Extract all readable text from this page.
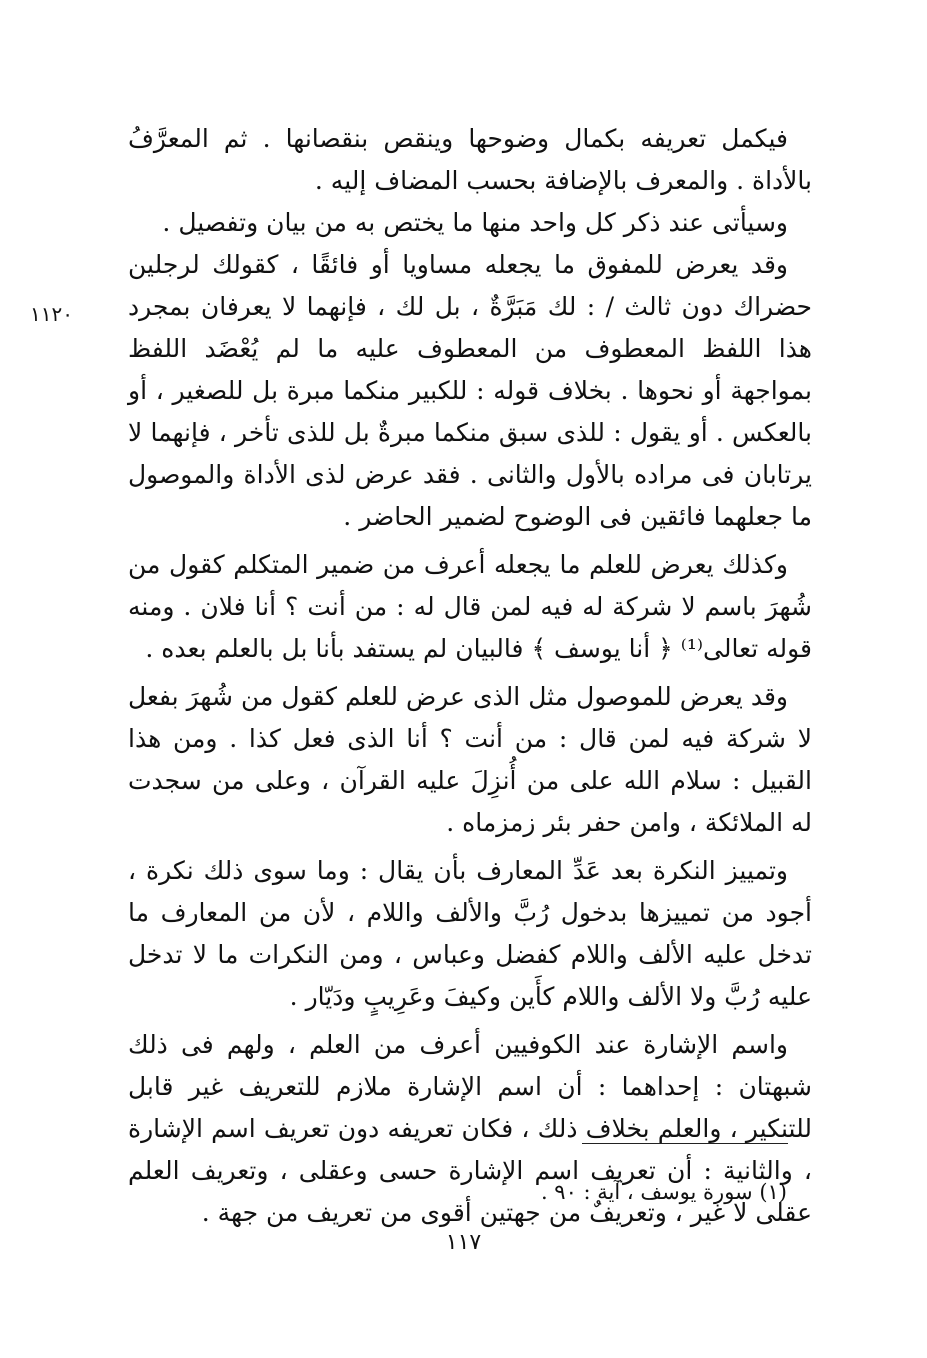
١١٢٠

فيكمل تعريفه بكمال وضوحها وينقص بنقصانها . ثم المعرَّفُ بالأداة . والمعرف بالإضافة بحسب المضاف إليه .

وسيأتى عند ذكر كل واحد منها ما يختص به من بيان وتفصيل .

وقد يعرض للمفوق ما يجعله مساويا أو فائقًا ، كقولك لرجلين حضراك دون ثالث / : لك مَبَرَّةٌ ، بل لك ، فإنهما لا يعرفان بمجرد هذا اللفظ المعطوف من المعطوف عليه ما لم يُعْضَد اللفظ بمواجهة أو نحوها . بخلاف قوله : للكبير منكما مبرة بل للصغير ، أو بالعكس . أو يقول : للذى سبق منكما مبرةٌ بل للذى تأخر ، فإنهما لا يرتابان فى مراده بالأول والثانى . فقد عرض لذى الأداة والموصول ما جعلهما فائقين فى الوضوح لضمير الحاضر .

وكذلك يعرض للعلم ما يجعله أعرف من ضمير المتكلم كقول من شُهرَ باسم لا شركة له فيه لمن قال له : من أنت ؟ أنا فلان . ومنه قوله تعالى⁽¹⁾ ﴿ أنا يوسف ﴾ فالبيان لم يستفد بأنا بل بالعلم بعده .

وقد يعرض للموصول مثل الذى عرض للعلم كقول من شُهرَ بفعل لا شركة فيه لمن قال : من أنت ؟ أنا الذى فعل كذا . ومن هذا القبيل : سلام الله على من أُنزِلَ عليه القرآن ، وعلى من سجدت له الملائكة ، وامن حفر بئر زمزماه .

وتمييز النكرة بعد عَدِّ المعارف بأن يقال : وما سوى ذلك نكرة ، أجود من تمييزها بدخول رُبَّ والألف واللام ، لأن من المعارف ما تدخل عليه الألف واللام كفضل وعباس ، ومن النكرات ما لا تدخل عليه رُبَّ ولا الألف واللام كأَين وكيفَ وعَرِيبٍ ودَيّار .

واسم الإشارة عند الكوفيين أعرف من العلم ، ولهم فى ذلك شبهتان : إحداهما : أن اسم الإشارة ملازم للتعريف غير قابل للتنكير ، والعلم بخلاف ذلك ، فكان تعريفه دون تعريف اسم الإشارة ، والثانية : أن تعريف اسم الإشارة حسى وعقلى ، وتعريف العلم عقلى لا غير ، وتعريفٌ من جهتين أقوى من تعريف من جهة .

(١) سورة يوسف ، آية : ٩٠ .
١١٧
